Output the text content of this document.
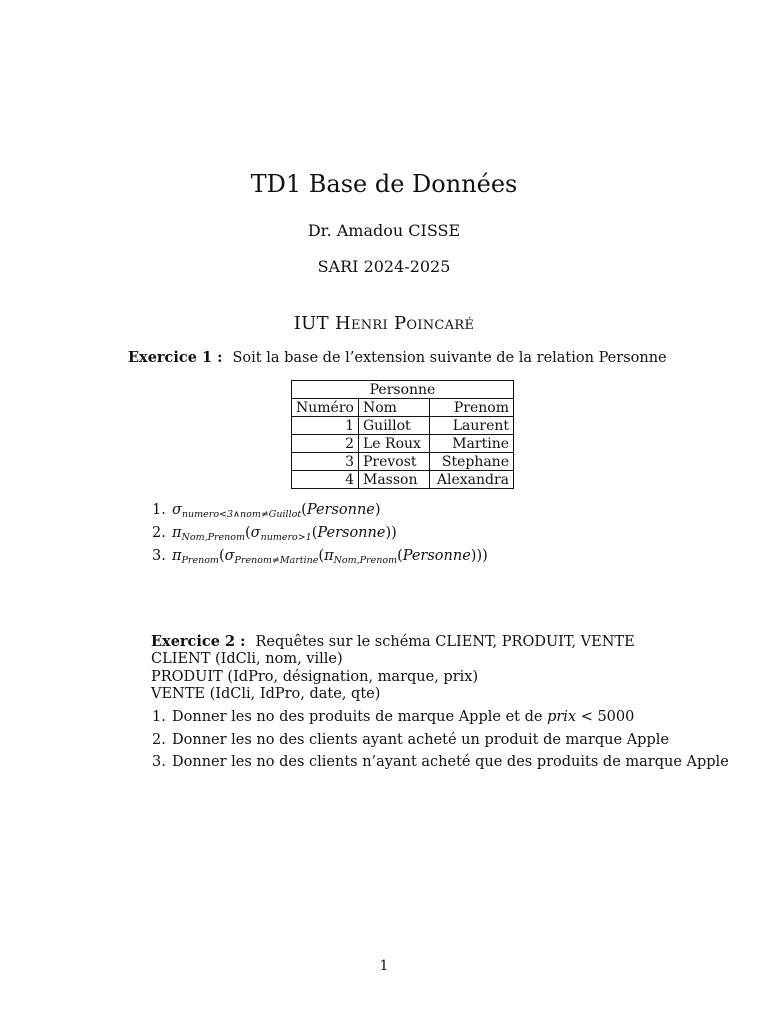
TD1 Base de Données
Dr. Amadou CISSE
SARI 2024-2025
IUT Henri Poincaré
Exercice 1 : Soit la base de l’extension suivante de la relation Personne
Personne		
Numéro	Nom	Prenom
1	Guillot	Laurent
2	Le Roux	Martine
3	Prevost	Stephane
4	Masson	Alexandra
1. $\sigma_{numero<3\wedge nom\ne Guillot}(Personne)$
2. $\pi_{Nom,Prenom}(\sigma_{numero>1}(Personne))$
3. $\pi_{Prenom}(\sigma_{Prenom\ne Martine}(\pi_{Nom,Prenom}(Personne)))$
Exercice 2 : Requêtes sur le schéma CLIENT, PRODUIT, VENTE
CLIENT (IdCli, nom, ville)
PRODUIT (IdPro, désignation, marque, prix)
VENTE (IdCli, IdPro, date, qte)
1. Donner les no des produits de marque Apple et de prix < 5000
2. Donner les no des clients ayant acheté un produit de marque Apple
3. Donner les no des clients n’ayant acheté que des produits de marque Apple
1
